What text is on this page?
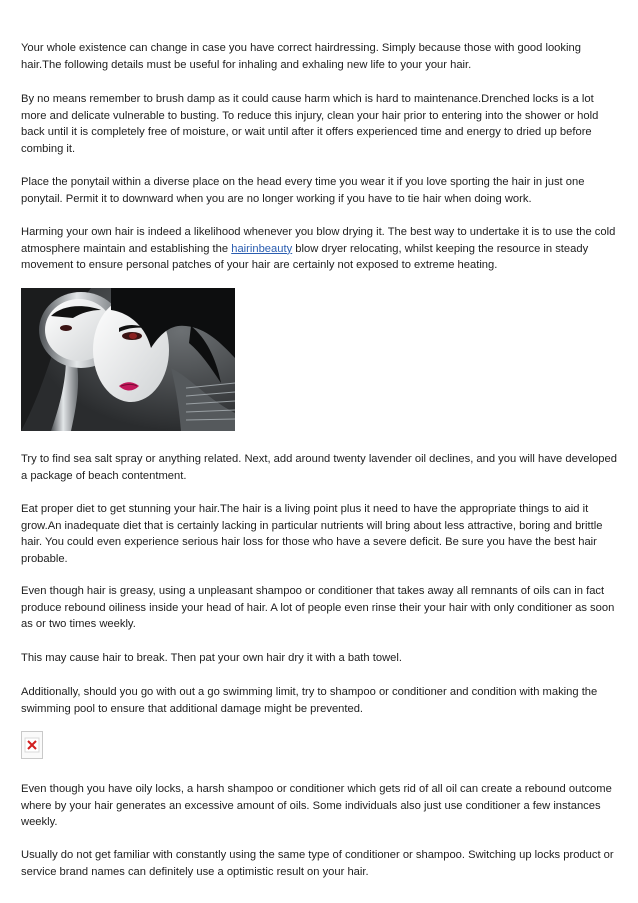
Your whole existence can change in case you have correct hairdressing. Simply because those with good looking hair.The following details must be useful for inhaling and exhaling new life to your your hair.

By no means remember to brush damp as it could cause harm which is hard to maintenance.Drenched locks is a lot more and delicate vulnerable to busting. To reduce this injury, clean your hair prior to entering into the shower or hold back until it is completely free of moisture, or wait until after it offers experienced time and energy to dried up before combing it.

Place the ponytail within a diverse place on the head every time you wear it if you love sporting the hair in just one ponytail. Permit it to downward when you are no longer working if you have to tie hair when doing work.

Harming your own hair is indeed a likelihood whenever you blow drying it. The best way to undertake it is to use the cold atmosphere maintain and establishing the hairinbeauty blow dryer relocating, whilst keeping the resource in steady movement to ensure personal patches of your hair are certainly not exposed to extreme heating.

Try to find sea salt spray or anything related. Next, add around twenty lavender oil declines, and you will have developed a package of beach contentment.

Eat proper diet to get stunning your hair.The hair is a living point plus it need to have the appropriate things to aid it grow.An inadequate diet that is certainly lacking in particular nutrients will bring about less attractive, boring and brittle hair. You could even experience serious hair loss for those who have a severe deficit. Be sure you have the best hair probable.

Even though hair is greasy, using a unpleasant shampoo or conditioner that takes away all remnants of oils can in fact produce rebound oiliness inside your head of hair. A lot of people even rinse their your hair with only conditioner as soon as or two times weekly.

This may cause hair to break. Then pat your own hair dry it with a bath towel.

Additionally, should you go with out a go swimming limit, try to shampoo or conditioner and condition with making the swimming pool to ensure that additional damage might be prevented.

Even though you have oily locks, a harsh shampoo or conditioner which gets rid of all oil can create a rebound outcome where by your hair generates an excessive amount of oils. Some individuals also just use conditioner a few instances weekly.

Usually do not get familiar with constantly using the same type of conditioner or shampoo. Switching up locks product or service brand names can definitely use a optimistic result on your hair.
